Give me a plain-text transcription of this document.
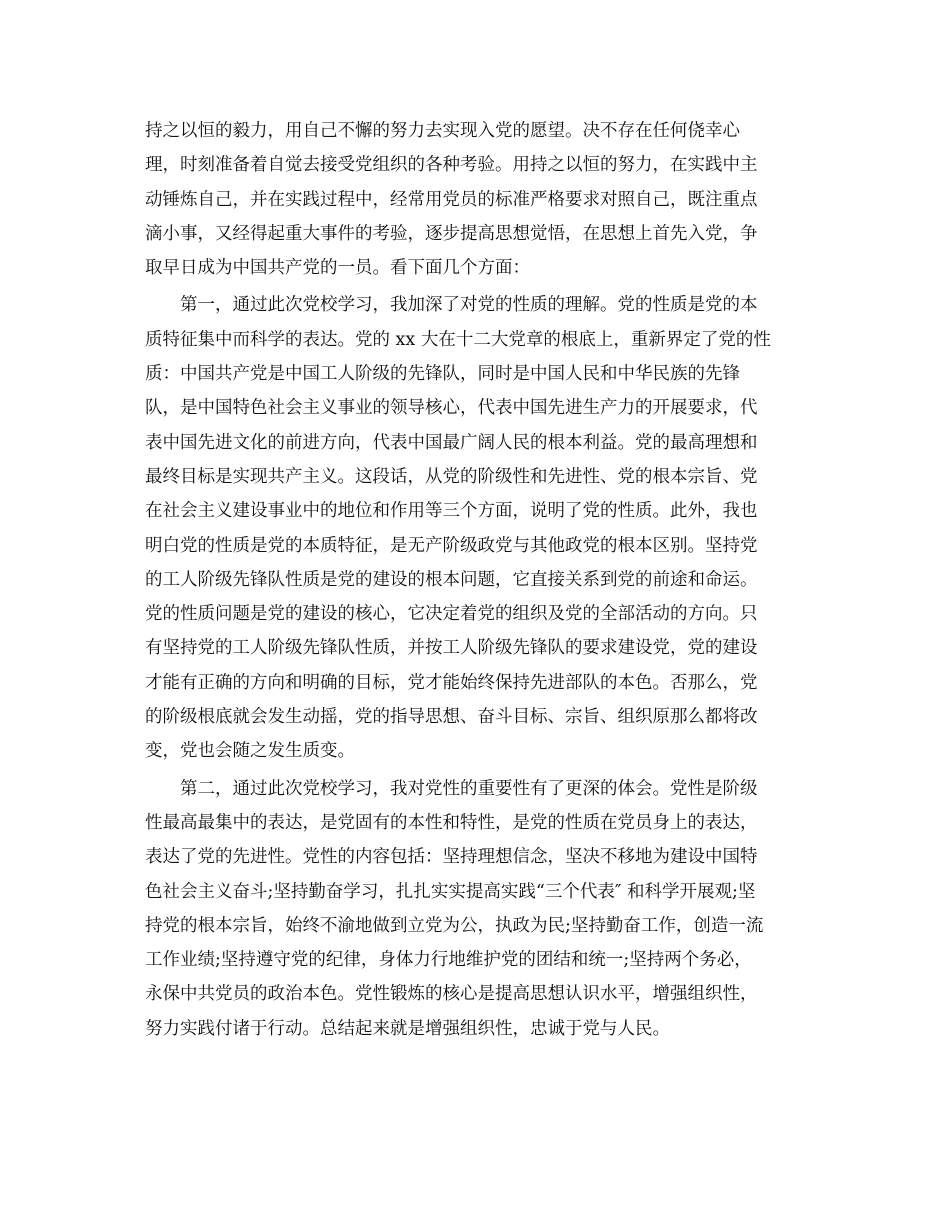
持之以恒的毅力，用自己不懈的努力去实现入党的愿望。决不存在任何侥幸心
理，时刻准备着自觉去接受党组织的各种考验。用持之以恒的努力，在实践中主
动锤炼自己，并在实践过程中，经常用党员的标准严格要求对照自己，既注重点
滴小事，又经得起重大事件的考验，逐步提高思想觉悟，在思想上首先入党，争
取早日成为中国共产党的一员。看下面几个方面：
　　第一，通过此次党校学习，我加深了对党的性质的理解。党的性质是党的本
质特征集中而科学的表达。党的 xx 大在十二大党章的根底上，重新界定了党的性
质：中国共产党是中国工人阶级的先锋队，同时是中国人民和中华民族的先锋
队，是中国特色社会主义事业的领导核心，代表中国先进生产力的开展要求，代
表中国先进文化的前进方向，代表中国最广阔人民的根本利益。党的最高理想和
最终目标是实现共产主义。这段话，从党的阶级性和先进性、党的根本宗旨、党
在社会主义建设事业中的地位和作用等三个方面，说明了党的性质。此外，我也
明白党的性质是党的本质特征，是无产阶级政党与其他政党的根本区别。坚持党
的工人阶级先锋队性质是党的建设的根本问题，它直接关系到党的前途和命运。
党的性质问题是党的建设的核心，它决定着党的组织及党的全部活动的方向。只
有坚持党的工人阶级先锋队性质，并按工人阶级先锋队的要求建设党，党的建设
才能有正确的方向和明确的目标，党才能始终保持先进部队的本色。否那么，党
的阶级根底就会发生动摇，党的指导思想、奋斗目标、宗旨、组织原那么都将改
变，党也会随之发生质变。
　　第二，通过此次党校学习，我对党性的重要性有了更深的体会。党性是阶级
性最高最集中的表达，是党固有的本性和特性，是党的性质在党员身上的表达，
表达了党的先进性。党性的内容包括：坚持理想信念，坚决不移地为建设中国特
色社会主义奋斗;坚持勤奋学习，扎扎实实提高实践“三个代表″ 和科学开展观;坚
持党的根本宗旨，始终不渝地做到立党为公，执政为民;坚持勤奋工作，创造一流
工作业绩;坚持遵守党的纪律，身体力行地维护党的团结和统一;坚持两个务必，
永保中共党员的政治本色。党性锻炼的核心是提高思想认识水平，增强组织性，
努力实践付诸于行动。总结起来就是增强组织性，忠诚于党与人民。
